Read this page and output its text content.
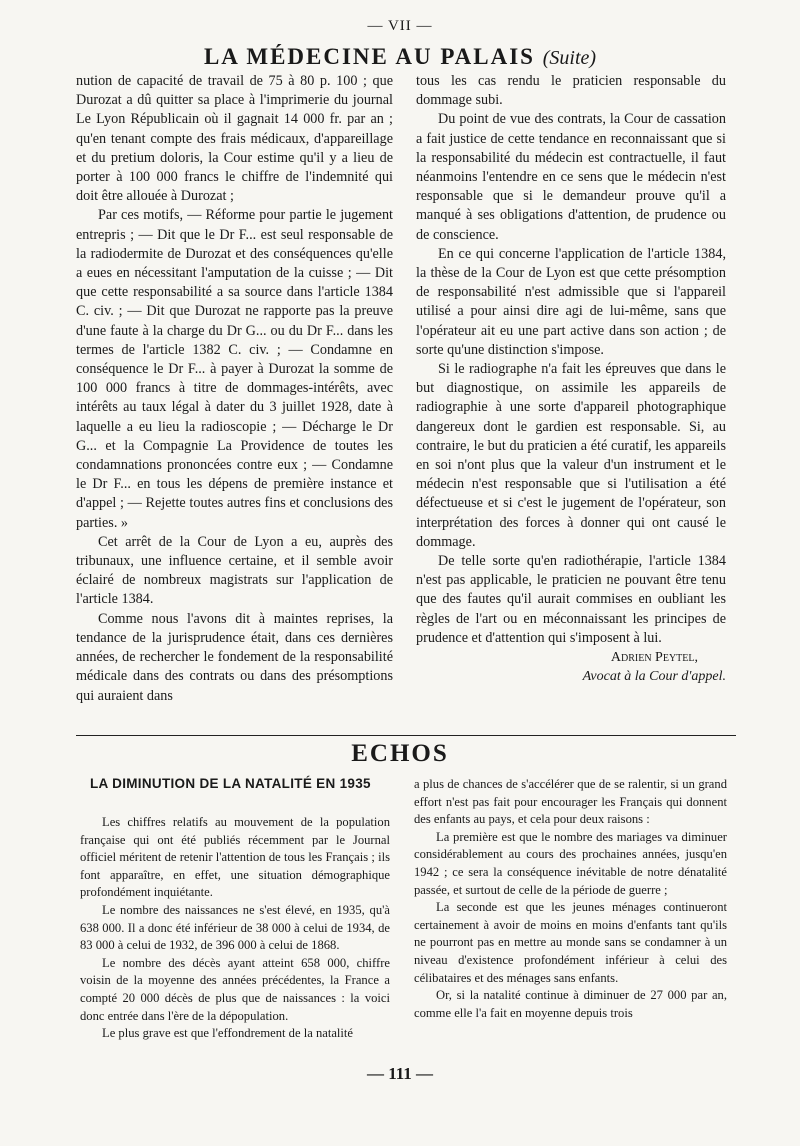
— VII —
LA MÉDECINE AU PALAIS (Suite)

nution de capacité de travail de 75 à 80 p. 100 ; que Durozat a dû quitter sa place à l'imprimerie du journal Le Lyon Républicain où il gagnait 14 000 fr. par an ; qu'en tenant compte des frais médicaux, d'appareillage et du pretium doloris, la Cour estime qu'il y a lieu de porter à 100 000 francs le chiffre de l'indemnité qui doit être allouée à Durozat ;

Par ces motifs, — Réforme pour partie le jugement entrepris ; — Dit que le Dr F... est seul responsable de la radiodermite de Durozat et des conséquences qu'elle a eues en nécessitant l'amputation de la cuisse ; — Dit que cette responsabilité a sa source dans l'article 1384 C. civ. ; — Dit que Durozat ne rapporte pas la preuve d'une faute à la charge du Dr G... ou du Dr F... dans les termes de l'article 1382 C. civ. ; — Condamne en conséquence le Dr F... à payer à Durozat la somme de 100 000 francs à titre de dommages-intérêts, avec intérêts au taux légal à dater du 3 juillet 1928, date à laquelle a eu lieu la radioscopie ; — Décharge le Dr G... et la Compagnie La Providence de toutes les condamnations prononcées contre eux ; — Condamne le Dr F... en tous les dépens de première instance et d'appel ; — Rejette toutes autres fins et conclusions des parties. »

Cet arrêt de la Cour de Lyon a eu, auprès des tribunaux, une influence certaine, et il semble avoir éclairé de nombreux magistrats sur l'application de l'article 1384.

Comme nous l'avons dit à maintes reprises, la tendance de la jurisprudence était, dans ces dernières années, de rechercher le fondement de la responsabilité médicale dans des contrats ou dans des présomptions qui auraient dans

tous les cas rendu le praticien responsable du dommage subi.

Du point de vue des contrats, la Cour de cassation a fait justice de cette tendance en reconnaissant que si la responsabilité du médecin est contractuelle, il faut néanmoins l'entendre en ce sens que le médecin n'est responsable que si le demandeur prouve qu'il a manqué à ses obligations d'attention, de prudence ou de conscience.

En ce qui concerne l'application de l'article 1384, la thèse de la Cour de Lyon est que cette présomption de responsabilité n'est admissible que si l'appareil utilisé a pour ainsi dire agi de lui-même, sans que l'opérateur ait eu une part active dans son action ; de sorte qu'une distinction s'impose.

Si le radiographe n'a fait les épreuves que dans le but diagnostique, on assimile les appareils de radiographie à une sorte d'appareil photographique dangereux dont le gardien est responsable. Si, au contraire, le but du praticien a été curatif, les appareils en soi n'ont plus que la valeur d'un instrument et le médecin n'est responsable que si l'utilisation a été défectueuse et si c'est le jugement de l'opérateur, son interprétation des forces à donner qui ont causé le dommage.

De telle sorte qu'en radiothérapie, l'article 1384 n'est pas applicable, le praticien ne pouvant être tenu que des fautes qu'il aurait commises en oubliant les règles de l'art ou en méconnaissant les principes de prudence et d'attention qui s'imposent à lui.

Adrien Peytel,
Avocat à la Cour d'appel.
ECHOS
LA DIMINUTION DE LA NATALITÉ EN 1935

Les chiffres relatifs au mouvement de la population française qui ont été publiés récemment par le Journal officiel méritent de retenir l'attention de tous les Français ; ils font apparaître, en effet, une situation démographique profondément inquiétante.

Le nombre des naissances ne s'est élevé, en 1935, qu'à 638 000. Il a donc été inférieur de 38 000 à celui de 1934, de 83 000 à celui de 1932, de 396 000 à celui de 1868.

Le nombre des décès ayant atteint 658 000, chiffre voisin de la moyenne des années précédentes, la France a compté 20 000 décès de plus que de naissances : la voici donc entrée dans l'ère de la dépopulation.

Le plus grave est que l'effondrement de la natalité

a plus de chances de s'accélérer que de se ralentir, si un grand effort n'est pas fait pour encourager les Français qui donnent des enfants au pays, et cela pour deux raisons :

La première est que le nombre des mariages va diminuer considérablement au cours des prochaines années, jusqu'en 1942 ; ce sera la conséquence inévitable de notre dénatalité passée, et surtout de celle de la période de guerre ;

La seconde est que les jeunes ménages continueront certainement à avoir de moins en moins d'enfants tant qu'ils ne pourront pas en mettre au monde sans se condamner à un niveau d'existence profondément inférieur à celui des célibataires et des ménages sans enfants.

Or, si la natalité continue à diminuer de 27 000 par an, comme elle l'a fait en moyenne depuis trois

— 111 —
